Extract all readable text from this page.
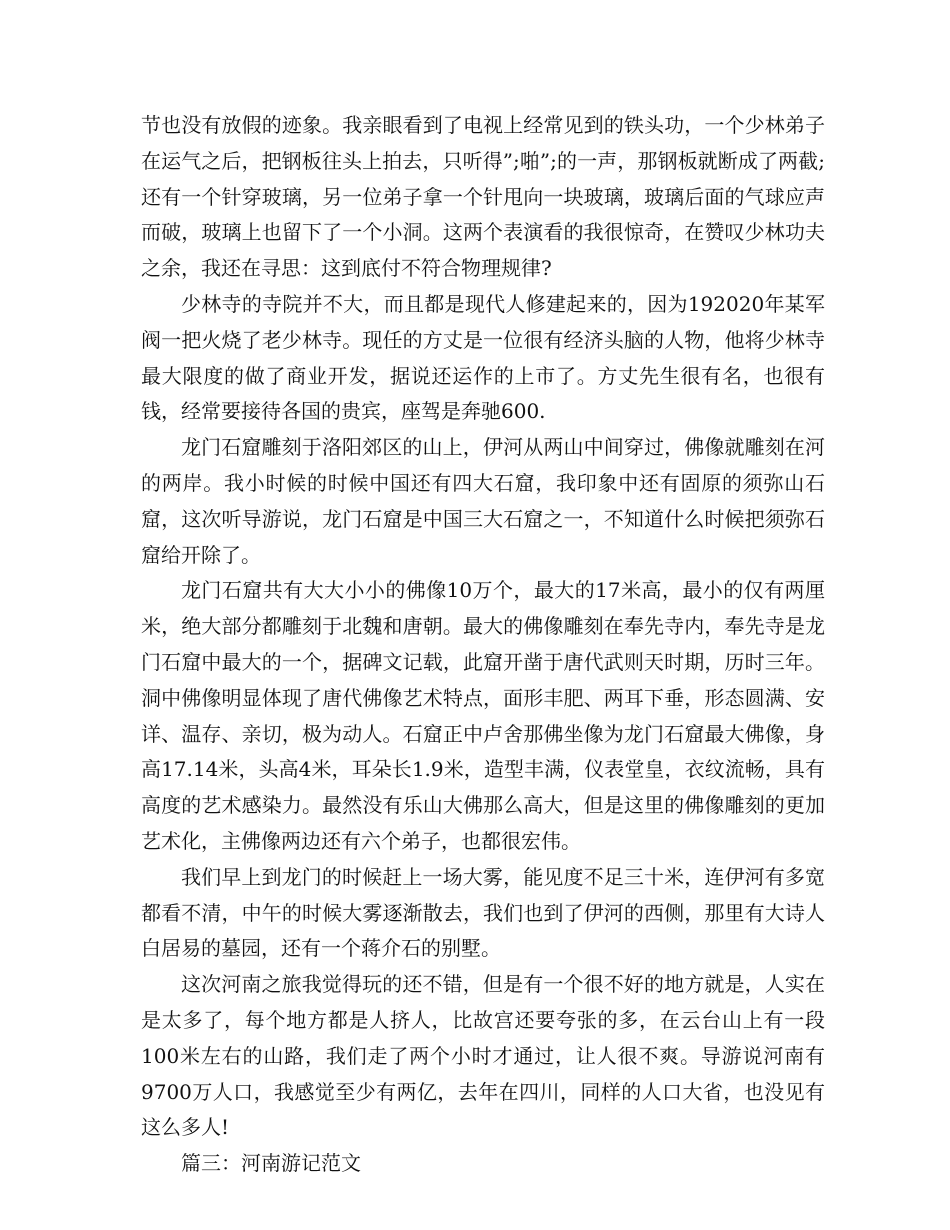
节也没有放假的迹象。我亲眼看到了电视上经常见到的铁头功，一个少林弟子在运气之后，把钢板往头上拍去，只听得”;啪”;的一声，那钢板就断成了两截;还有一个针穿玻璃，另一位弟子拿一个针甩向一块玻璃，玻璃后面的气球应声而破，玻璃上也留下了一个小洞。这两个表演看的我很惊奇，在赞叹少林功夫之余，我还在寻思：这到底付不符合物理规律?

少林寺的寺院并不大，而且都是现代人修建起来的，因为192020年某军阀一把火烧了老少林寺。现任的方丈是一位很有经济头脑的人物，他将少林寺最大限度的做了商业开发，据说还运作的上市了。方丈先生很有名，也很有钱，经常要接待各国的贵宾，座驾是奔驰600.

龙门石窟雕刻于洛阳郊区的山上，伊河从两山中间穿过，佛像就雕刻在河的两岸。我小时候的时候中国还有四大石窟，我印象中还有固原的须弥山石窟，这次听导游说，龙门石窟是中国三大石窟之一，不知道什么时候把须弥石窟给开除了。

龙门石窟共有大大小小的佛像10万个，最大的17米高，最小的仅有两厘米，绝大部分都雕刻于北魏和唐朝。最大的佛像雕刻在奉先寺内，奉先寺是龙门石窟中最大的一个，据碑文记载，此窟开凿于唐代武则天时期，历时三年。洞中佛像明显体现了唐代佛像艺术特点，面形丰肥、两耳下垂，形态圆满、安详、温存、亲切，极为动人。石窟正中卢舍那佛坐像为龙门石窟最大佛像，身高17.14米，头高4米，耳朵长1.9米，造型丰满，仪表堂皇，衣纹流畅，具有高度的艺术感染力。最然没有乐山大佛那么高大，但是这里的佛像雕刻的更加艺术化，主佛像两边还有六个弟子，也都很宏伟。

我们早上到龙门的时候赶上一场大雾，能见度不足三十米，连伊河有多宽都看不清，中午的时候大雾逐渐散去，我们也到了伊河的西侧，那里有大诗人白居易的墓园，还有一个蒋介石的别墅。

这次河南之旅我觉得玩的还不错，但是有一个很不好的地方就是，人实在是太多了，每个地方都是人挤人，比故宫还要夸张的多，在云台山上有一段100米左右的山路，我们走了两个小时才通过，让人很不爽。导游说河南有9700万人口，我感觉至少有两亿，去年在四川，同样的人口大省，也没见有这么多人!

篇三：河南游记范文
